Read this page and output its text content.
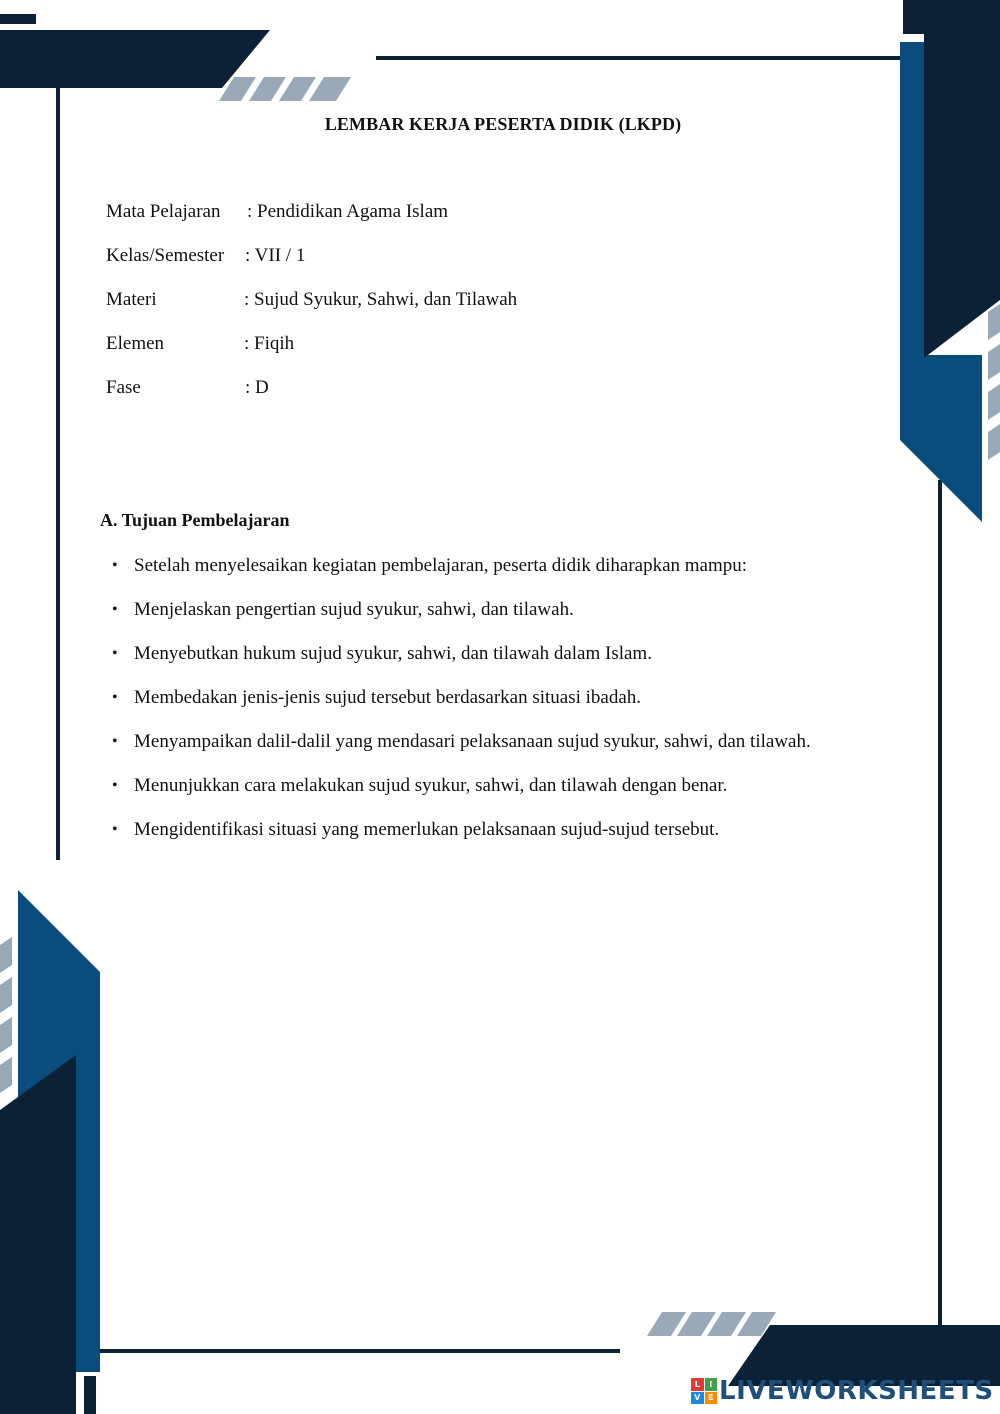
LEMBAR KERJA PESERTA DIDIK (LKPD)
Mata Pelajaran : Pendidikan Agama Islam
Kelas/Semester : VII / 1
Materi	: Sujud Syukur, Sahwi, dan Tilawah
Elemen	: Fiqih
Fase	: D
A. Tujuan Pembelajaran
• Setelah menyelesaikan kegiatan pembelajaran, peserta didik diharapkan mampu:
• Menjelaskan pengertian sujud syukur, sahwi, dan tilawah.
• Menyebutkan hukum sujud syukur, sahwi, dan tilawah dalam Islam.
• Membedakan jenis-jenis sujud tersebut berdasarkan situasi ibadah.
• Menyampaikan dalil-dalil yang mendasari pelaksanaan sujud syukur, sahwi, dan tilawah.
• Menunjukkan cara melakukan sujud syukur, sahwi, dan tilawah dengan benar.
• Mengidentifikasi situasi yang memerlukan pelaksanaan sujud-sujud tersebut.
L	I
V E LIVEWORKSHEETS
